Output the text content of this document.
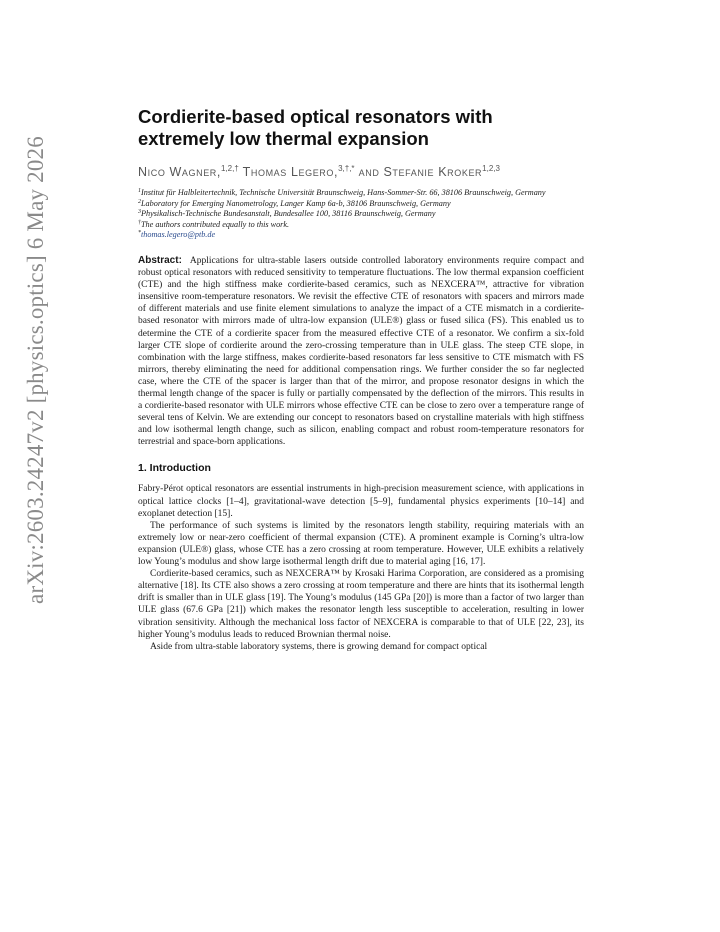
arXiv:2603.24247v2 [physics.optics] 6 May 2026
Cordierite-based optical resonators with
extremely low thermal expansion
Nico Wagner,$^{1,2,\dagger}$ Thomas Legero,$^{3,\dagger,*}$ and Stefanie Kroker$^{1,2,3}$
$^1$Institut für Halbleitertechnik, Technische Universität Braunschweig, Hans-Sommer-Str. 66, 38106 Braunschweig, Germany
$^2$Laboratory for Emerging Nanometrology, Langer Kamp 6a-b, 38106 Braunschweig, Germany
$^3$Physikalisch-Technische Bundesanstalt, Bundesallee 100, 38116 Braunschweig, Germany
†The authors contributed equally to this work.
*thomas.legero@ptb.de
Abstract: Applications for ultra-stable lasers outside controlled laboratory environments require compact and robust optical resonators with reduced sensitivity to temperature fluctuations. The low thermal expansion coefficient (CTE) and the high stiffness make cordierite-based ceramics, such as NEXCERA™, attractive for vibration insensitive room-temperature resonators. We revisit the effective CTE of resonators with spacers and mirrors made of different materials and use finite element simulations to analyze the impact of a CTE mismatch in a cordierite-based resonator with mirrors made of ultra-low expansion (ULE®) glass or fused silica (FS). This enabled us to determine the CTE of a cordierite spacer from the measured effective CTE of a resonator. We confirm a six-fold larger CTE slope of cordierite around the zero-crossing temperature than in ULE glass. The steep CTE slope, in combination with the large stiffness, makes cordierite-based resonators far less sensitive to CTE mismatch with FS mirrors, thereby eliminating the need for additional compensation rings. We further consider the so far neglected case, where the CTE of the spacer is larger than that of the mirror, and propose resonator designs in which the thermal length change of the spacer is fully or partially compensated by the deflection of the mirrors. This results in a cordierite-based resonator with ULE mirrors whose effective CTE can be close to zero over a temperature range of several tens of Kelvin. We are extending our concept to resonators based on crystalline materials with high stiffness and low isothermal length change, such as silicon, enabling compact and robust room-temperature resonators for terrestrial and space-born applications.
1. Introduction

Fabry-Pérot optical resonators are essential instruments in high-precision measurement science, with applications in optical lattice clocks [1–4], gravitational-wave detection [5–9], fundamental physics experiments [10–14] and exoplanet detection [15].

The performance of such systems is limited by the resonators length stability, requiring materials with an extremely low or near-zero coefficient of thermal expansion (CTE). A prominent example is Corning’s ultra-low expansion (ULE®) glass, whose CTE has a zero crossing at room temperature. However, ULE exhibits a relatively low Young’s modulus and show large isothermal length drift due to material aging [16, 17].

Cordierite-based ceramics, such as NEXCERA™ by Krosaki Harima Corporation, are considered as a promising alternative [18]. Its CTE also shows a zero crossing at room temperature and there are hints that its isothermal length drift is smaller than in ULE glass [19]. The Young’s modulus (145 GPa [20]) is more than a factor of two larger than ULE glass (67.6 GPa [21]) which makes the resonator length less susceptible to acceleration, resulting in lower vibration sensitivity. Although the mechanical loss factor of NEXCERA is comparable to that of ULE [22, 23], its higher Young’s modulus leads to reduced Brownian thermal noise.

Aside from ultra-stable laboratory systems, there is growing demand for compact optical
